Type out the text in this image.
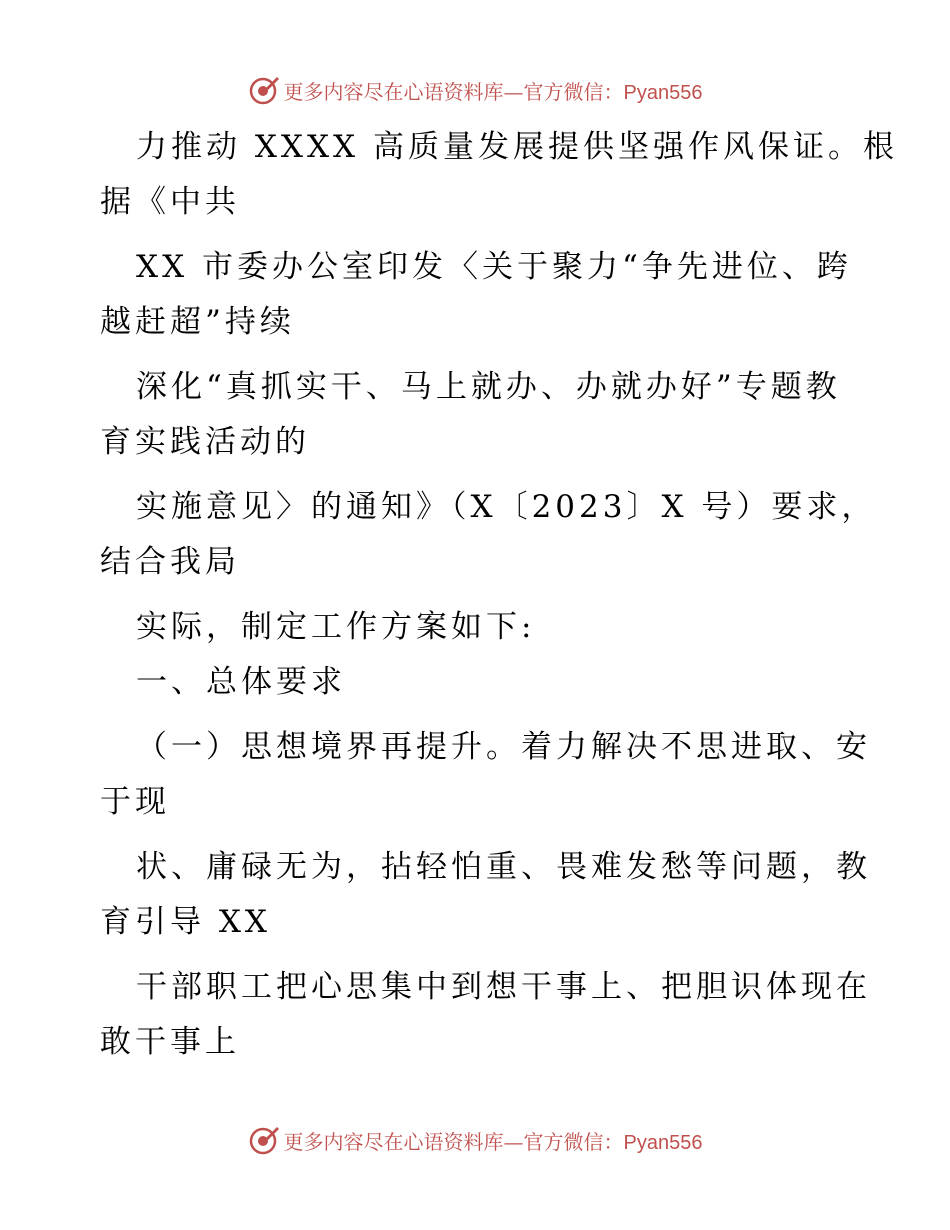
更多内容尽在心语资料库—官方微信：Pyan556
力推动 XXXX 高质量发展提供坚强作风保证。根
据《中共
XX 市委办公室印发〈关于聚力“争先进位、跨
越赶超”持续
深化“真抓实干、马上就办、办就办好”专题教
育实践活动的
实施意见〉的通知》（X〔2023〕X 号）要求，
结合我局
实际，制定工作方案如下:
一、总体要求
（一）思想境界再提升。着力解决不思进取、安
于现
状、庸碌无为，拈轻怕重、畏难发愁等问题，教
育引导 XX
干部职工把心思集中到想干事上、把胆识体现在
敢干事上
更多内容尽在心语资料库—官方微信：Pyan556
